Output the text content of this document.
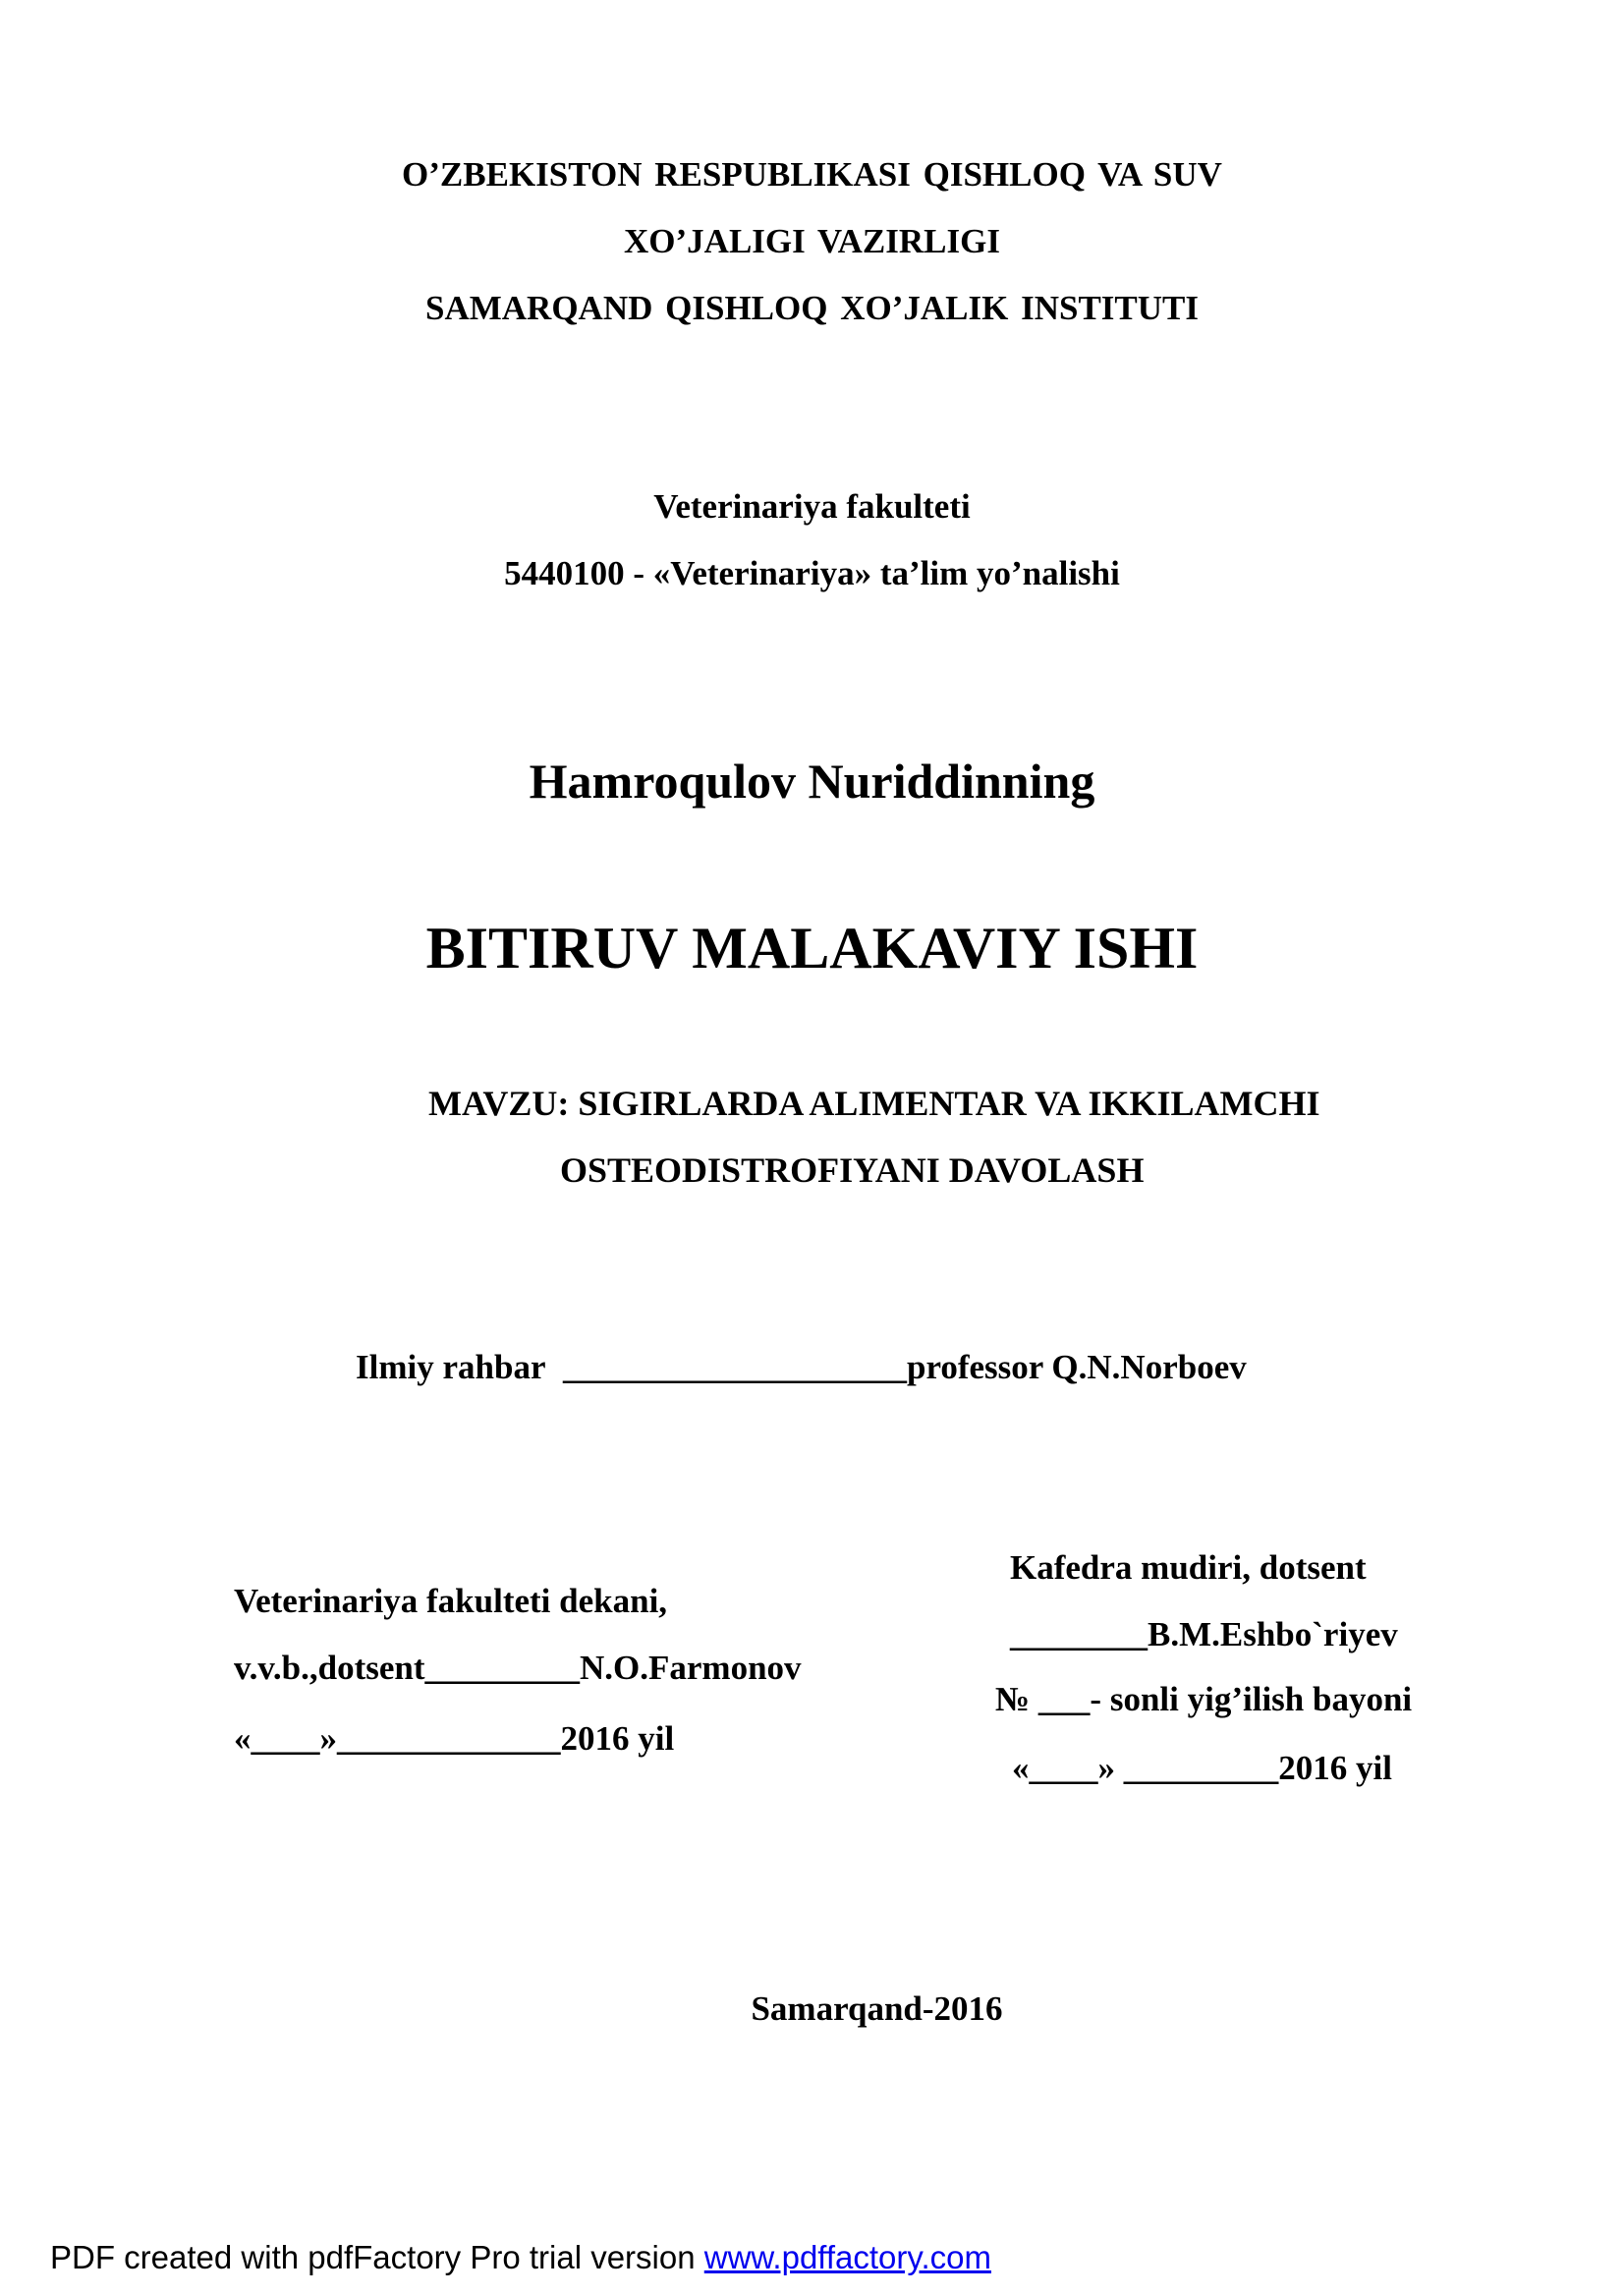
O’ZBEKISTON RESPUBLIKASI QISHLOQ VA SUV
XO’JALIGI VAZIRLIGI
SAMARQAND QISHLOQ XO’JALIK INSTITUTI
Veterinariya fakulteti
5440100 - «Veterinariya» ta’lim yo’nalishi
Hamroqulov Nuriddinning
BITIRUV MALAKAVIY ISHI
MAVZU: SIGIRLARDA ALIMENTAR VA IKKILAMCHI
OSTEODISTROFIYANI DAVOLASH
Ilmiy rahbar ____________________professor Q.N.Norboev
Veterinariya fakulteti dekani,
v.v.b.,dotsent_________N.O.Farmonov
«____»_____________2016 yil
Kafedra mudiri, dotsent
________B.M.Eshbo`riyev
№ ___- sonli yig’ilish bayoni
«____» _________2016 yil
Samarqand-2016
PDF created with pdfFactory Pro trial version www.pdffactory.com
